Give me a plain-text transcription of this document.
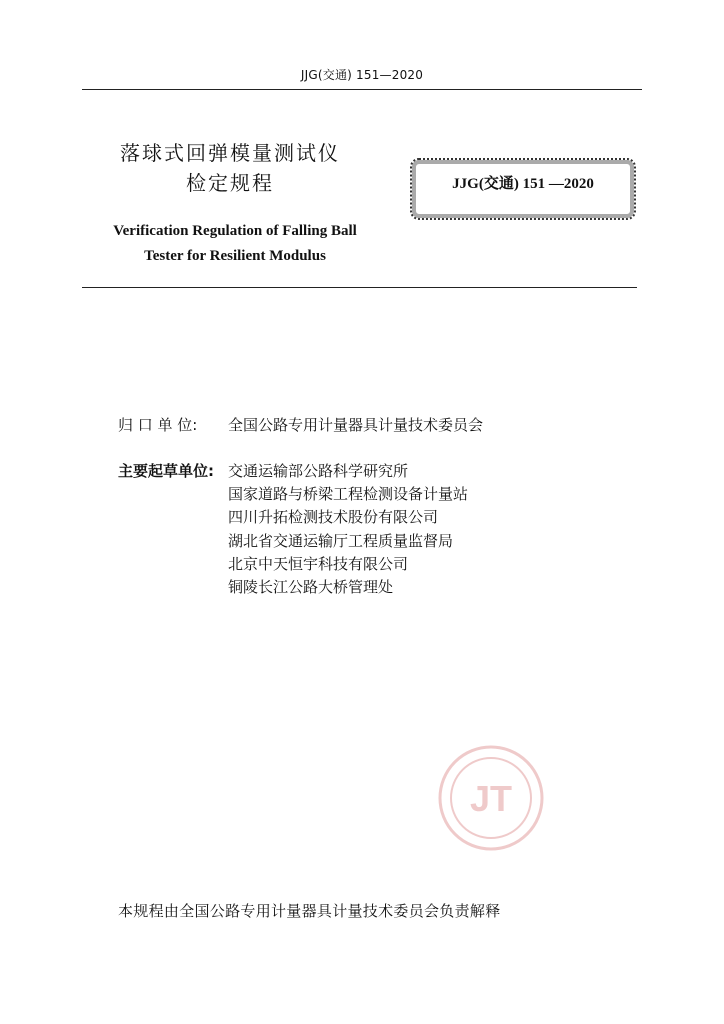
JJG(交通) 151—2020
落球式回弹模量测试仪
检定规程	JJG(交通) 151 —2020
Verification Regulation of Falling Ball
Tester for Resilient Modulus
归 口 单 位:	全国公路专用计量器具计量技术委员会
主要起草单位: 交通运输部公路科学研究所
国家道路与桥梁工程检测设备计量站
四川升拓检测技术股份有限公司
湖北省交通运输厅工程质量监督局
北京中天恒宇科技有限公司
铜陵长江公路大桥管理处
JT
本规程由全国公路专用计量器具计量技术委员会负责解释
